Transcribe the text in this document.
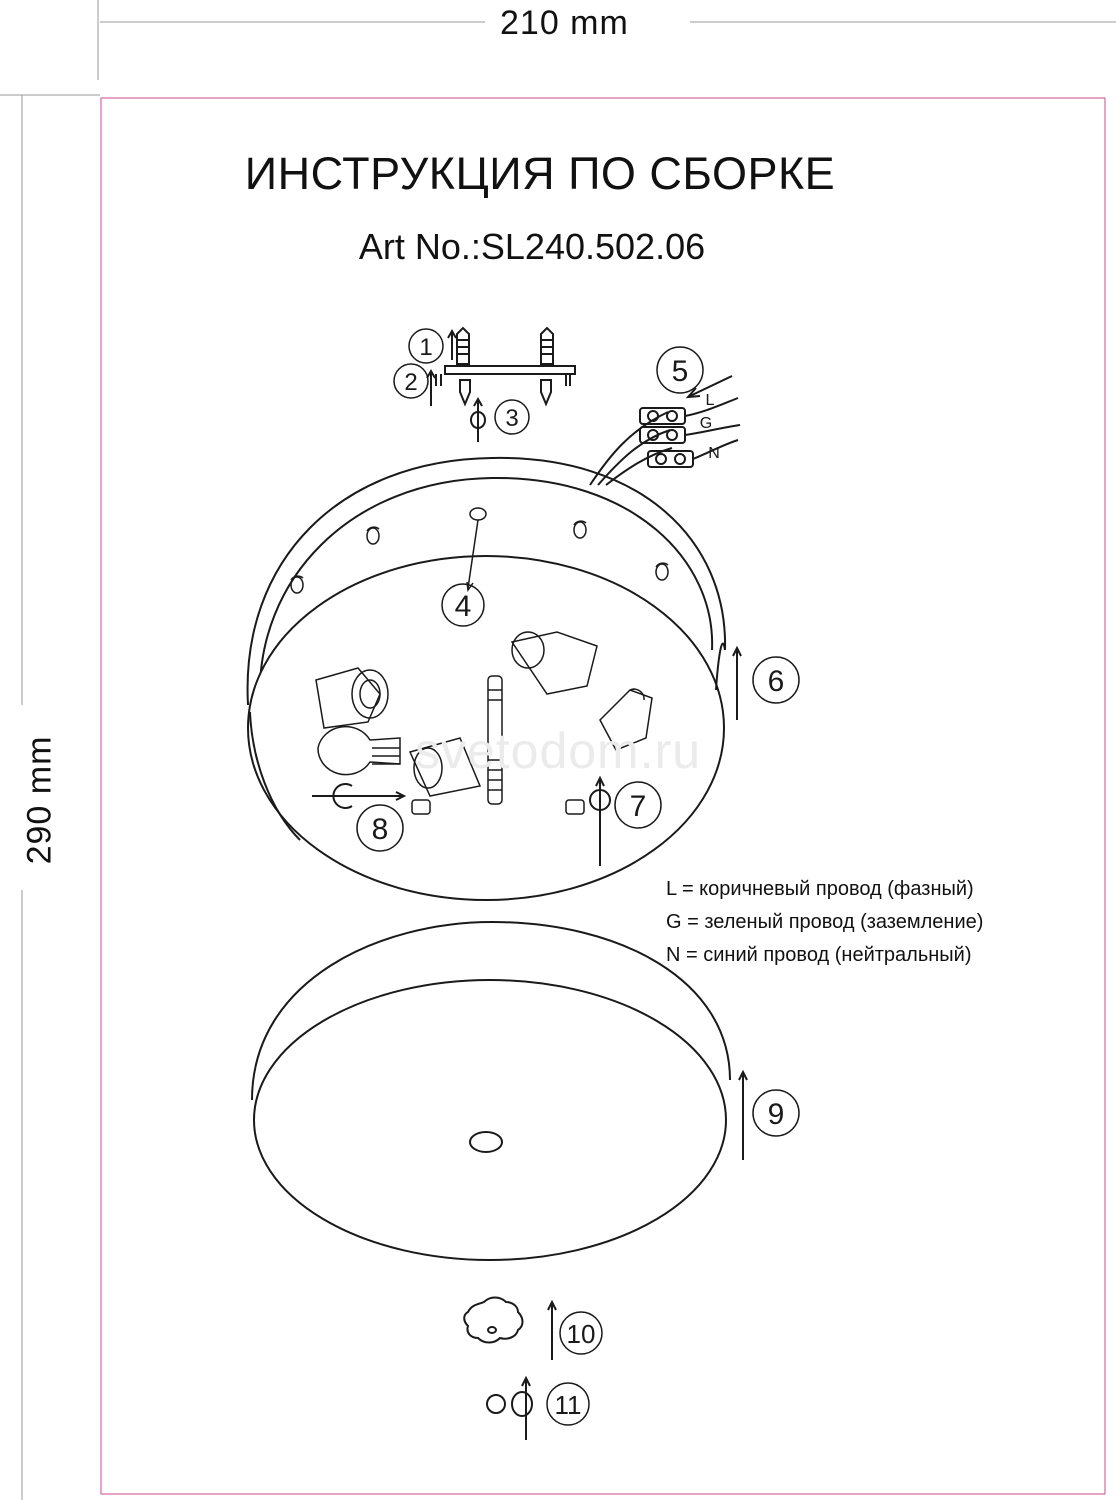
1
2
3
4
5
6
7
8
9
10
11
L
G
N
svetodom.ru
210 mm
290 mm
ИНСТРУКЦИЯ ПО СБОРКЕ
Art No.:SL240.502.06
L = коричневый провод (фазный)
G = зеленый провод (заземление)
N = синий провод (нейтральный)
